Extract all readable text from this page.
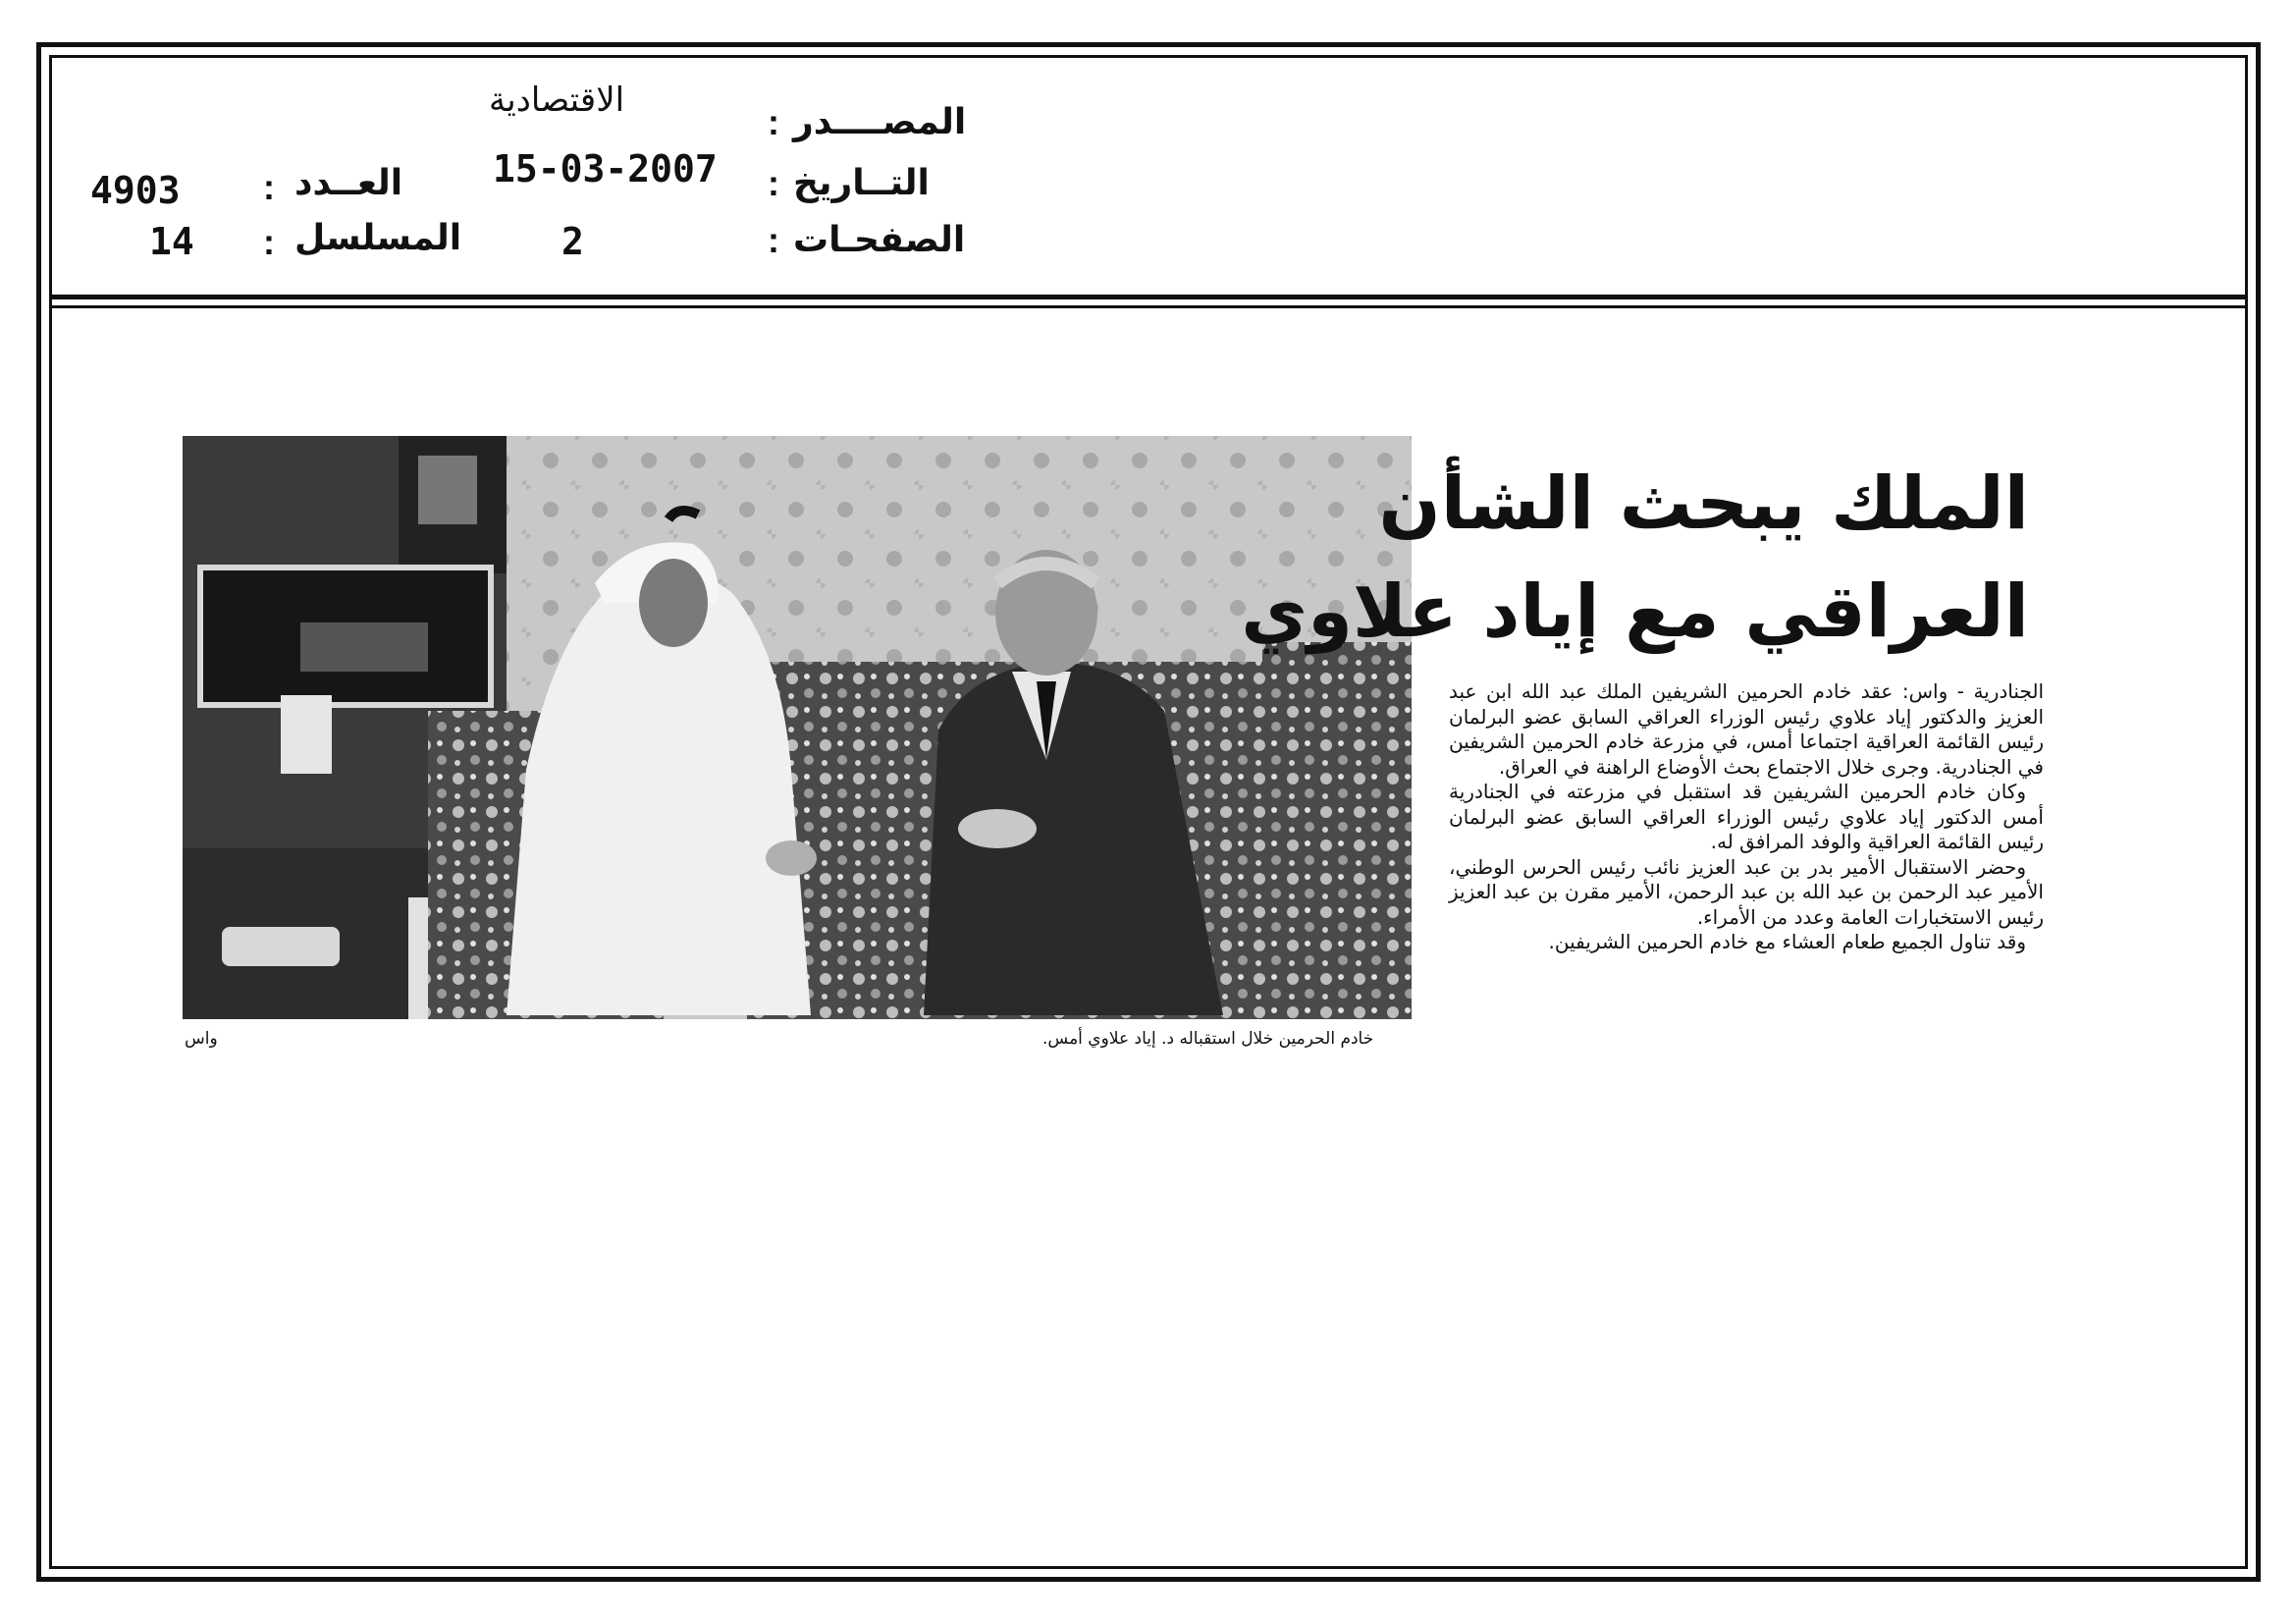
الاقتصادية
المصــــدر
:
15-03-2007 التــاريخ
:
4903 : العــدد
14 : المسلسل	2	الصفحـات
:
خادم الحرمين خلال استقباله د. إياد علاوي أمس.
واس
الملك يبحث الشأن
العراقي مع إياد علاوي

الجنادرية - واس: عقد خادم الحرمين الشريفين الملك عبد الله ابن عبد العزيز والدكتور إياد علاوي رئيس الوزراء العراقي السابق عضو البرلمان رئيس القائمة العراقية اجتماعا أمس، في مزرعة خادم الحرمين الشريفين في الجنادرية. وجرى خلال الاجتماع بحث الأوضاع الراهنة في العراق.

وكان خادم الحرمين الشريفين قد استقبل في مزرعته في الجنادرية أمس الدكتور إياد علاوي رئيس الوزراء العراقي السابق عضو البرلمان رئيس القائمة العراقية والوفد المرافق له.

وحضر الاستقبال الأمير بدر بن عبد العزيز نائب رئيس الحرس الوطني، الأمير عبد الرحمن بن عبد الله بن عبد الرحمن، الأمير مقرن بن عبد العزيز رئيس الاستخبارات العامة وعدد من الأمراء.

وقد تناول الجميع طعام العشاء مع خادم الحرمين الشريفين.
